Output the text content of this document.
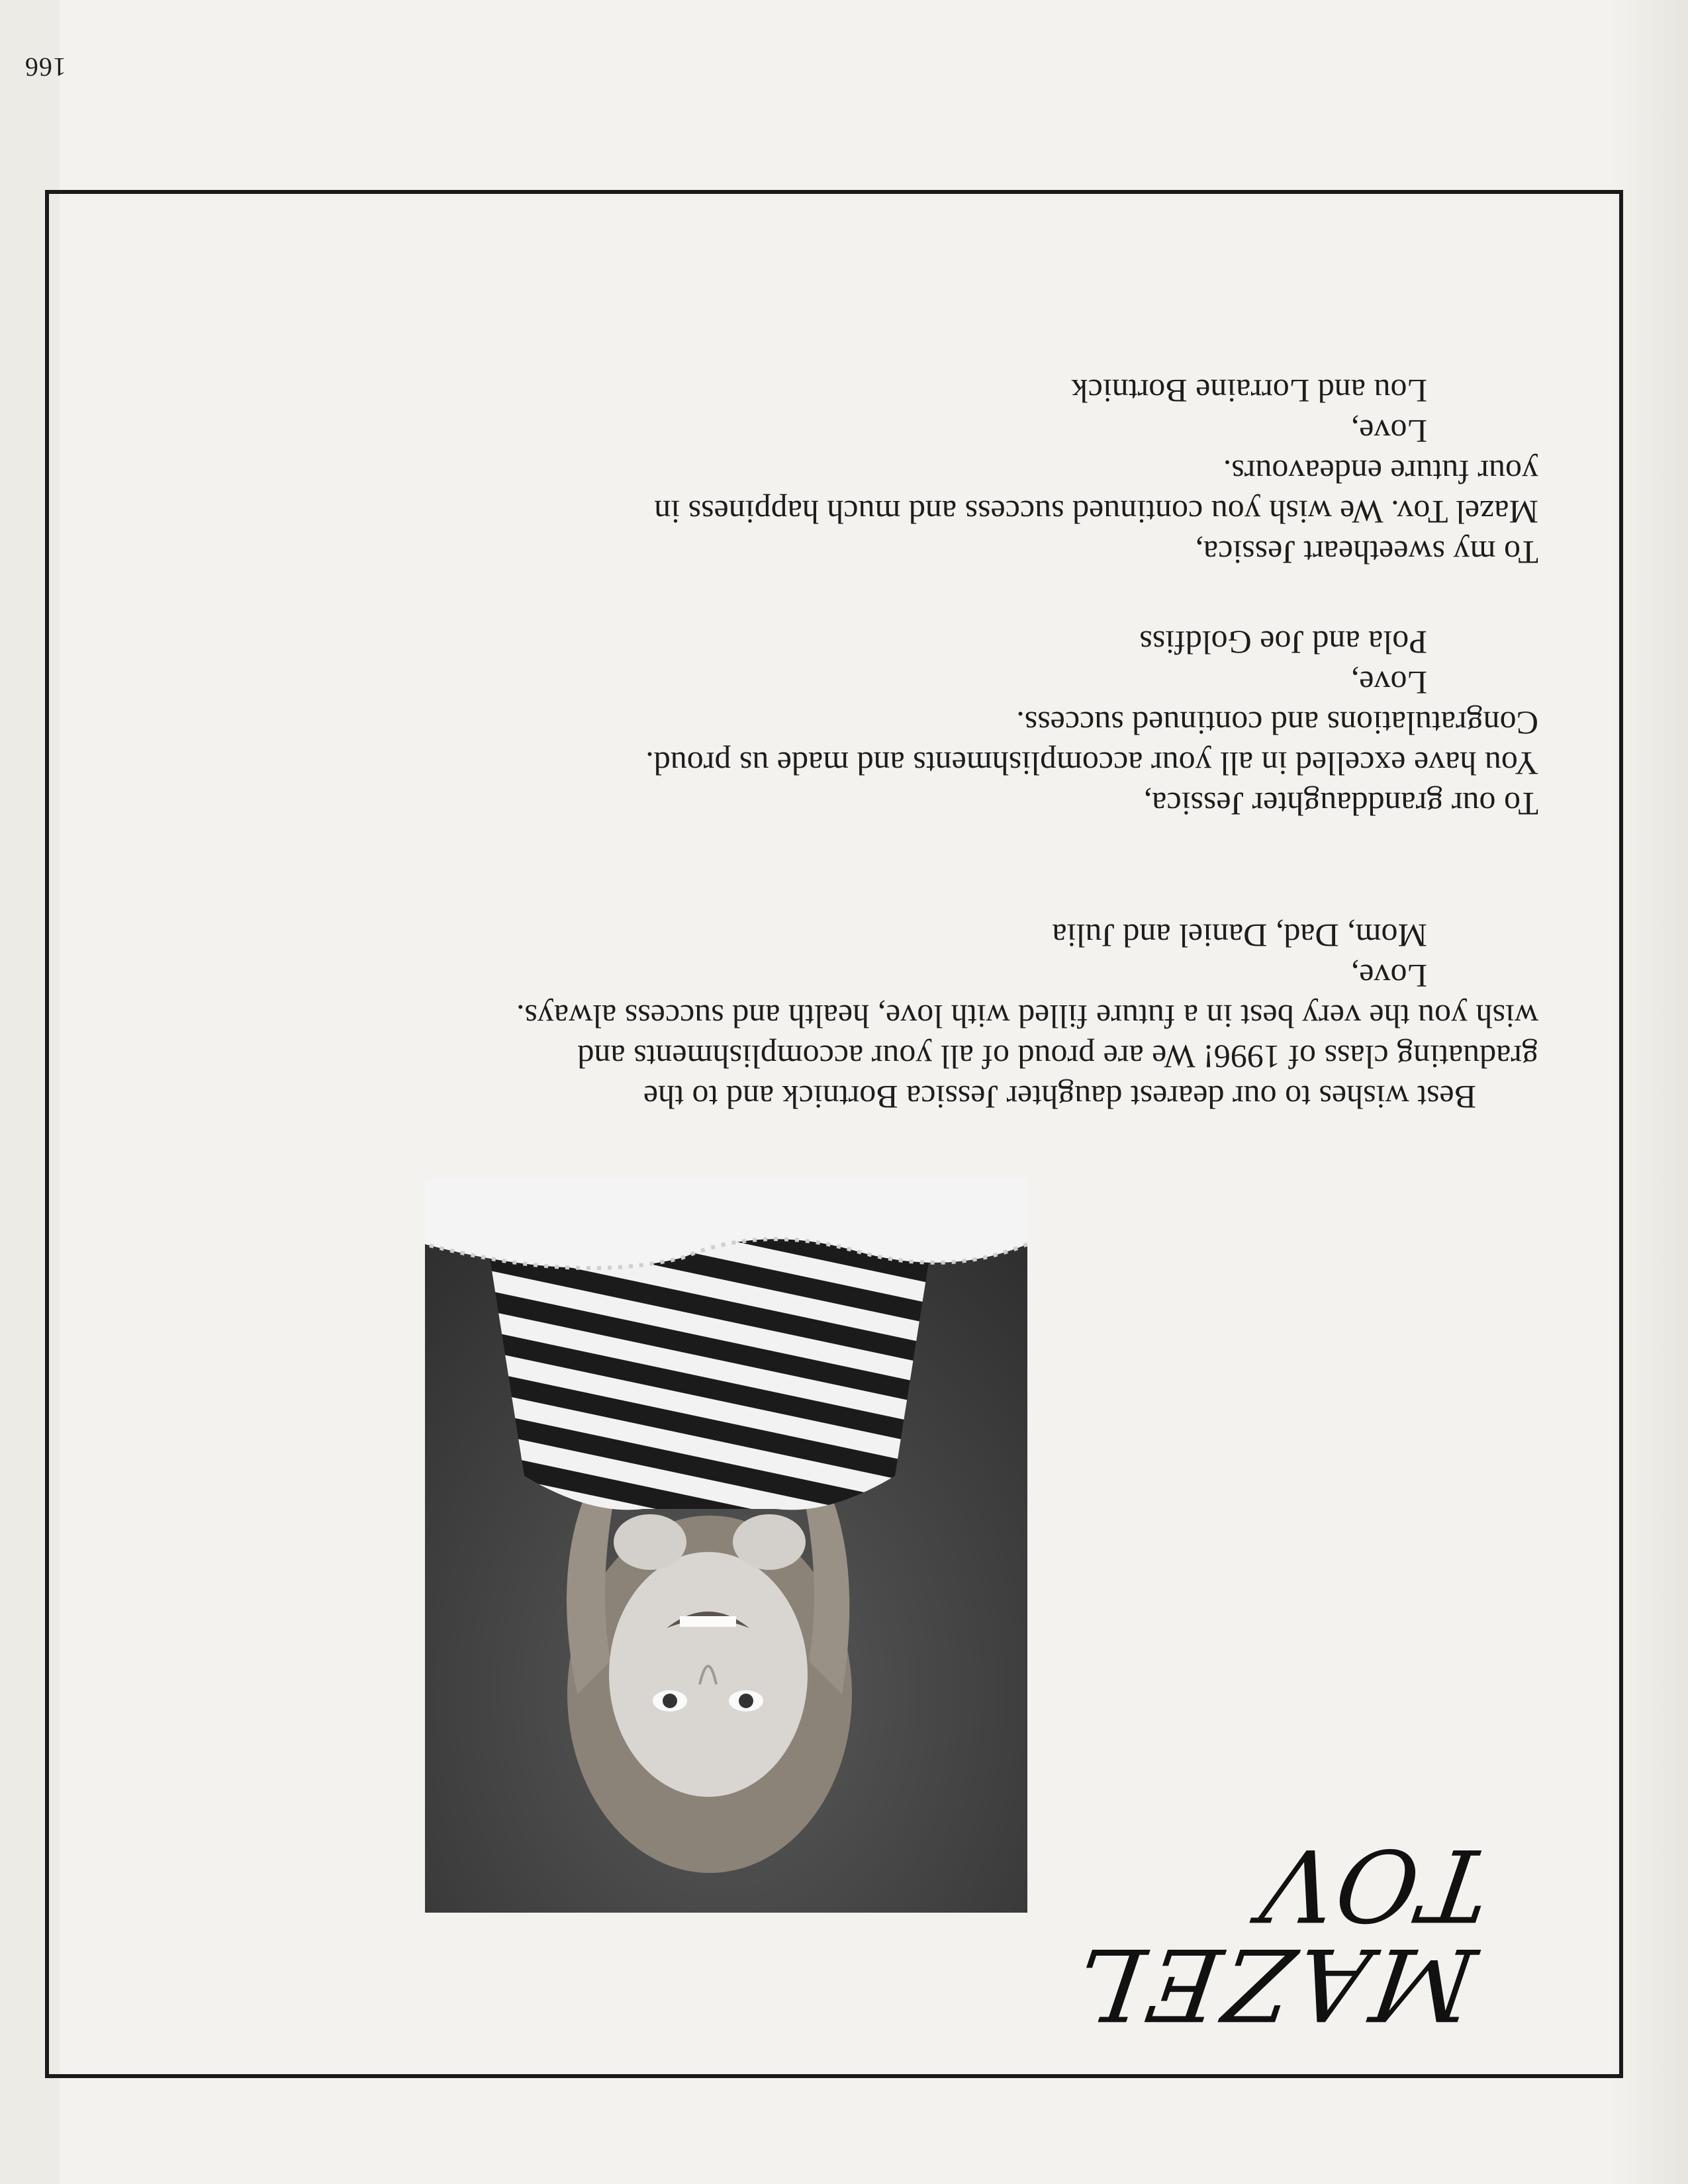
166
MAZEL TOV
Best wishes to our dearest daughter Jessica Bortnick and to the
graduating class of 1996! We are proud of all your accomplishments and
wish you the very best in a future filled with love, health and success always.
Love,
Mom, Dad, Daniel and Julia
To our granddaughter Jessica,
You have excelled in all your accomplishments and made us proud.
Congratulations and continued success.
Love,
Pola and Joe Goldfiss
To my sweetheart Jessica,
Mazel Tov. We wish you continued success and much happiness in
your future endeavours.
Love,
Lou and Lorraine Bortnick
